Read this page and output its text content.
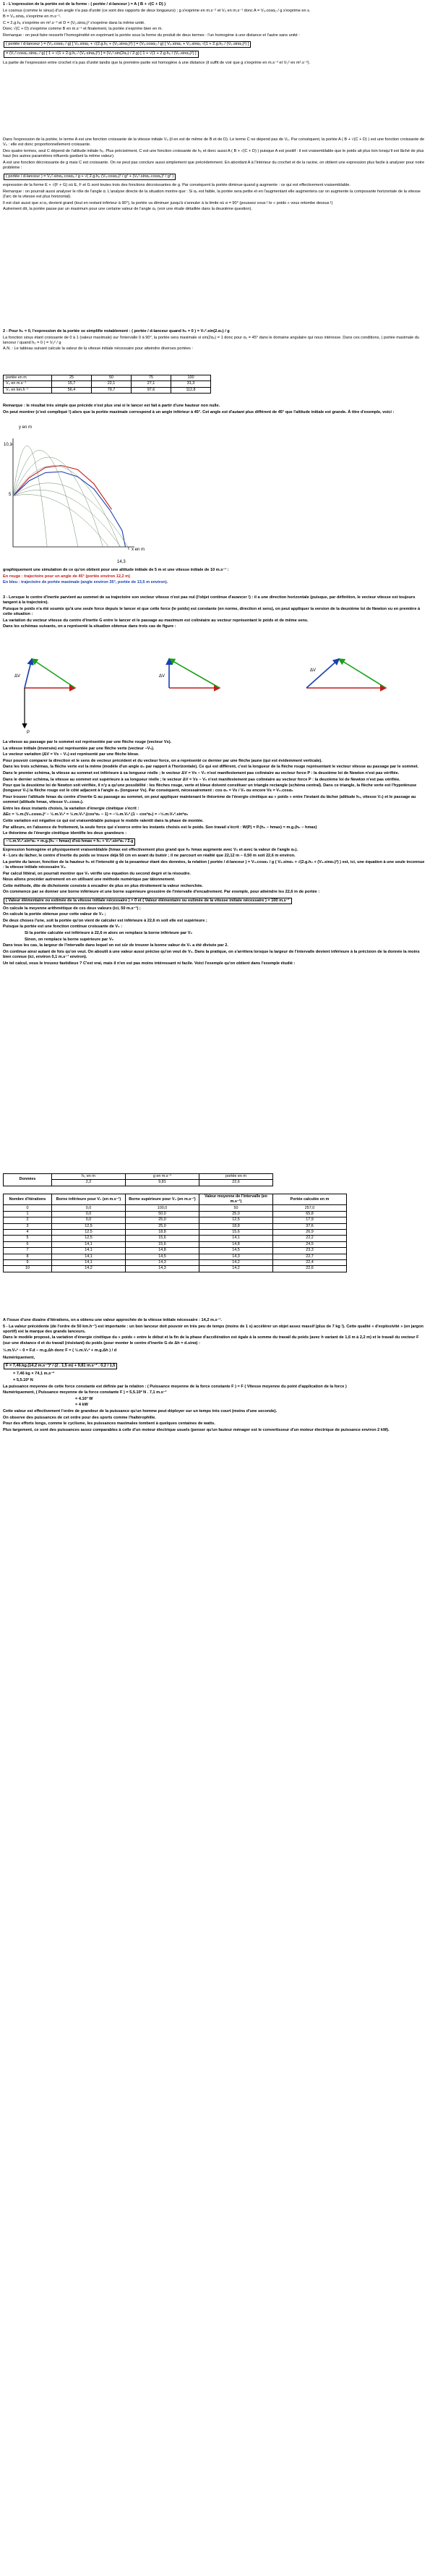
1 - L'expression de la portée est de la forme : ( portée / d-lanceur ) = A ( B + √(C + D) )

Le cosinus (comme le sinus) d'un angle n'a pas d'unité (ce sont des rapports de deux longueurs) ; g s'exprime en m.s⁻² et V₀ en m.s⁻¹ donc A = V₀.cosα₀ / g s'exprime en s.

B = V₀.sinα₀ s'exprime en m.s⁻¹.

C = 2.g.h₀ s'exprime en m².s⁻² et D = (V₀.sinα₀)² s'exprime dans la même unité.

Donc √(C + D) s'exprime comme B en m.s⁻¹ et finalement, la portée s'exprime bien en m.

Remarque : on peut faire ressortir l'homogénéité en exprimant la portée sous la forme du produit de deux termes : l'un homogène à une distance et l'autre sans unité :

( portée / d-lanceur ) = (V₀.cosα₀ / g) [ V₀.sinα₀ + √(2.g.h₀ + (V₀.sinα₀)²) ] = (V₀.cosα₀ / g) [ V₀.sinα₀ + V₀.sinα₀ √(1 + 2.g.h₀ / (V₀.sinα₀)²) ]

= (V₀².cosα₀.sinα₀ / g) [ 1 + √(1 + 2.g.h₀ / (V₀.sinα₀)²) ] = (V₀².sin(2α₀) / 2.g) [ 1 + √(1 + 2.g.h₀ / (V₀.sinα₀)²) ]

La partie de l'expression entre crochet n'a pas d'unité tandis que la première partie est homogène à une distance (il suffit de voir que g s'exprime en m.s⁻² et V₀² en m².s⁻²).

Dans l'expression de la portée, le terme A est une fonction croissante de la vitesse initiale V₀ (il en est de même de B et de D). Le terme C ne dépend pas de V₀. Par conséquent, la portée A ( B + √(C + D) ) est une fonction croissante de V₀ : elle est donc proportionnellement croissante.

Des quatre termes, seul C dépend de l'altitude initiale h₀. Plus précisément, C est une fonction croissante de h₀ et donc aussi A ( B + √(C + D) ) puisque A est positif : il est vraisemblable que le poids ait plus loin lorsqu'il est lâché de plus haut (les autres paramètres influents gardant la même valeur).

A est une fonction décroissante de g mais C est croissante. On ne peut pas conclure aussi simplement que précédemment. En abordant A à l'intérieur du crochet et de la racine, on obtient une expression plus facile à analyser pour notre problème :

( portée / d-lanceur ) = V₀².sinα₀.cosα₀ / g + √( 2.g.h₀ (V₀.cosα₀)² / g² + (V₀².sinα₀.cosα₀)² / g² )

expression de la forme E + √(F + G) où E, F et G sont toutes trois des fonctions décroissantes de g. Par conséquent la portée diminue quand g augmente : ce qui est effectivement vraisemblable.

Remarque : on pourrait aussi analyser le rôle de l'angle α. L'analyse directe de la situation montre que : Si α₀ est faible, la portée sera petite et en l'augmentant elle augmentera car on augmente la composante horizontale de la vitesse (l'arc de la vitesse est plus horizontal).

Il est clair aussi que si α₀ devient grand (tout en restant inférieur à 90°), la portée va diminuer jusqu'à s'annuler à la limite où α = 90° (poussez vous ! le « poids » vous retombe dessus !)

Autrement dit, la portée passe par un maximum pour une certaine valeur de l'angle α₀ (voir une étude détaillée dans la deuxième question).

2 - Pour h₀ = 0, l'expression de la portée se simplifie notablement : ( portée / d-lanceur quand h₀ = 0 ) = V₀².sin(2.α₀) / g

La fonction sinus étant croissante de 0 à 1 (valeur maximale) sur l'intervalle 0 à 90°, la portée sera maximale si sin(2α₀) = 1 donc pour α₀ = 45° dans le domaine angulaire qui nous intéresse. Dans ces conditions, ( portée maximale du lanceur / quand h₀ = 0 ) = V₀² / g

A.N. : Le tableau suivant calcule la valeur de la vitesse initiale nécessaire pour atteindre diverses portées :

portée en m	25	50	75	100
V₀ en m.s⁻¹	15,7	22,1	27,1	31,3
V₀ en km.h⁻¹	56,4	79,7	97,6	112,8

Remarque : le résultat très simple que précède n'est plus vrai si le lancer est fait à partir d'une hauteur non nulle.

On peut montrer (c'est compliqué !) alors que la portée maximale correspond à un angle inférieur à 45°. Cet angle est d'autant plus différent de 45° que l'altitude initiale est grande. À titre d'exemple, voici :

y en m
10,1
5
x en m
14,3

graphiquement une simulation de ce qu'on obtient pour une altitude initiale de 5 m et une vitesse initiale de 10 m.s⁻¹ :

En rouge : trajectoire pour un angle de 45° (portée environ 12,2 m)

En bleu : trajectoire de portée maximale (angle environ 35°, portée de 13,5 m environ).

3 - Lorsque le centre d'inertie parvient au sommet de sa trajectoire son vecteur vitesse n'est pas nul (l'objet continue d'avancer !) : il a une direction horizontale (puisque, par définition, le vecteur vitesse est toujours tangent à la trajectoire).

Puisque le poids n'a été soumis qu'à une seule force depuis le lancer et que cette force (le poids) est constante (en norme, direction et sens), on peut appliquer la version de la deuxième loi de Newton vu en première à cette situation :

La variation du vecteur vitesse du centre d'inertie G entre le lancer et le passage au maximum est colinéaire au vecteur représentant le poids et de même sens.

Dans les schémas suivants, on a représenté la situation obtenue dans trois cas de figure :

ΔV
P
ΔV
ΔV

La vitesse au passage par le sommet est représentée par une flèche rouge (vecteur Vs).

La vitesse initiale (inversée) est représentée par une flèche verte (vecteur −V₀).

Le vecteur variation (ΔV = Vs − V₀) est représenté par une flèche bleue.

Pour pouvoir comparer la direction et le sens de vecteur précédent et du vecteur force, on a représenté ce dernier par une flèche jaune (qui est évidemment verticale).

Dans les trois schémas, la flèche verte est la même (modèle d'un angle α₀ par rapport à l'horizontale). Ce qui est différent, c'est la longueur de la flèche rouge représentant le vecteur vitesse au passage par le sommet.

Dans le premier schéma, la vitesse au sommet est inférieure à sa longueur réelle ; le vecteur ΔV = Vs − V₀ n'est manifestement pas colinéaire au vecteur force P : la deuxième loi de Newton n'est pas vérifiée.

Dans le dernier schéma, la vitesse au sommet est supérieure à sa longueur réelle ; le vecteur ΔV = Vs − V₀ n'est manifestement pas colinéaire au vecteur force P : la deuxième loi de Newton n'est pas vérifiée.

Pour que la deuxième loi de Newton soit vérifiée, il n'y a qu'une possibilité : les flèches rouge, verte et bleue doivent constituer un triangle rectangle (schéma central). Dans ce triangle, la flèche verte est l'hypoténuse (longueur V₀) la flèche rouge est le côté adjacent à l'angle α₀ (longueur Vs). Par conséquent, nécessairement : cos α₀ = Vs / V₀ ou encore Vs = V₀.cosα₀

Pour trouver l'altitude hmax du centre d'inertie G au passage au sommet, on peut appliquer maintenant le théorème de l'énergie cinétique au « poids » entre l'instant du lâcher (altitude h₀, vitesse V₀) et le passage au sommet (altitude hmax, vitesse V₀.cosα₀).

Entre les deux instants choisis, la variation d'énergie cinétique s'écrit :

ΔEc = ½.m.(V₀.cosα₀)² − ½.m.V₀² = ½.m.V₀².(cos²α₀ − 1) = −½.m.V₀².(1 − cos²α₀) = −½.m.V₀².sin²α₀

Cette variation est négative ce qui est vraisemblable puisque le mobile ralentit dans la phase de montée.

Par ailleurs, en l'absence de frottement, la seule force qui s'exerce entre les instants choisis est le poids. Son travail s'écrit : W(P) = P.(h₀ − hmax) = m.g.(h₀ − hmax)

Le théorème de l'énergie cinétique identifie les deux grandeurs :

−½.m.V₀².sin²α₀ = m.g.(h₀ − hmax) d'où hmax = h₀ + V₀².sin²α₀ / 2.g

Expression homogène et physiquement vraisemblable (hmax est effectivement plus grand que h₀ hmax augmente avec V₀ et avec la valeur de l'angle α₀).

4 - Lors du lâcher, le centre d'inertie du poids se trouve déjà 50 cm en avant du butoir ; il ne parcourt en réalité que 22,12 m − 0,50 m soit 22,6 m environ.

La portée du lancer, fonction de la hauteur h₀ et l'intensité g de la pesanteur étant des données, la relation ( portée / d-lanceur ) = V₀.cosα₀ / g ( V₀.sinα₀ + √(2.g.h₀ + (V₀.sinα₀)²) ) est, ici, une équation à une seule inconnue : la vitesse initiale nécessaire V₀.

Par calcul littéral, on pourrait montrer que V₀ vérifie une équation du second degré et la résoudre.

Nous allons procéder autrement en en utilisant une méthode numérique par tâtonnement.

Cette méthode, dite de dichotomie consiste à encadrer de plus en plus étroitement la valeur recherchée.

On commence par se donner une borne inférieure et une borne supérieure grossière de l'intervalle d'encadrement. Par exemple, pour atteindre les 22,6 m de portée :

( Valeur élémentaire ou estimée de la vitesse initiale nécessaire ) = 0 et ( Valeur élémentaire ou estimée de la vitesse initiale nécessaire ) = 100 m.s⁻¹

On calcule la moyenne arithmétique de ces deux valeurs (ici, 50 m.s⁻¹) ;

On calcule la portée obtenue pour cette valeur de V₀ ;

De deux choses l'une, soit la portée qu'on vient de calculer est inférieure à 22,6 m soit elle est supérieure ;

Puisque la portée est une fonction continue croissante de V₀ :

Si la portée calculée est inférieure à 22,6 m alors on remplace la borne inférieure par V₀

Sinon, on remplace la borne supérieure par V₀

Dans tous les cas, la largeur de l'intervalle dans lequel on est sûr de trouver la bonne valeur de V₀ a été divisée par 2.

On continue ainsi autant de fois qu'on veut. On aboutit à une valeur aussi précise qu'on veut de V₀. Dans la pratique, on s'arrêtera lorsque la largeur de l'intervalle devient inférieure à la précision de la donnée la moins bien connue (ici, environ 0,1 m.s⁻¹ environ).

Un tel calcul, vous le trouvez fastidieux ? C'est vrai, mais il n'en est pas moins intéressant ni facile. Voici l'exemple qu'on obtient dans l'exemple étudié :

Données	h₀ en m	g en m.s⁻²	portée en m
	2,2	9,81	22,6
Nombre d'itérations	Borne inférieure pour V₀ (en m.s⁻¹)	Borne supérieure pour V₀ (en m.s⁻¹)	Valeur moyenne de l'intervalle (en m.s⁻¹)	Portée calculée en m
0	0,0	100,0	50	257,0
1	0,0	50,0	25,0	65,8
2	0,0	25,0	12,5	17,9
3	12,5	25,0	18,8	37,6
4	12,5	18,8	15,6	26,9
5	12,5	15,6	14,1	22,2
6	14,1	15,6	14,8	24,5
7	14,1	14,8	14,5	23,3
8	14,1	14,5	14,3	22,7
9	14,1	14,3	14,2	22,4
10	14,2	14,3	14,2	22,6

A l'issue d'une dizaine d'itérations, on a obtenu une valeur approchée de la vitesse initiale nécessaire : 14,2 m.s⁻¹.

5 - La valeur précédente (de l'ordre de 50 km.h⁻¹) est importante : un bon lanceur doit pouvoir en très peu de temps (moins de 1 s) accélérer un objet assez massif (plus de 7 kg !). Cette qualité « d'explosivité » (en jargon sportif) est la marque des grands lanceurs.

Dans le modèle proposé, la variation d'énergie cinétique du « poids » entre le début et la fin de la phase d'accélération est égale à la somme du travail du poids (avec h variant de 1,6 m à 2,2 m) et le travail du vecteur F (sur une distance d et du travail (résistant) du poids (pour monter le centre d'inertie G de Δh = d.sinα) :

½.m.V₀² − 0 = F.d − m.g.Δh donc F = ( ½.m.V₀² + m.g.Δh ) / d

Numériquement,

F = 7,46.kg.(14,2 m.s⁻¹)² / (2 . 1,5 m) + 9,81 m.s⁻² . 0,2 / 1,5

= 7,46 kg × 74,1 m.s⁻²

= 5,5.10² N

La puissance moyenne de cette force constante est définie par la relation : ( Puissance moyenne de la force constante F ) = F ( Vitesse moyenne du point d'application de la force )

Numériquement, ( Puissance moyenne de la force constante F ) = 5,5.10² N . 7,1 m.s⁻¹

= 4.10³ W

= 4 kW

Cette valeur est effectivement l'ordre de grandeur de la puissance qu'un homme peut déployer sur un temps très court (moins d'une seconde).

On observe des puissances de cet ordre pour des sports comme l'haltérophilie.

Pour des efforts longs, comme le cyclisme, les puissances maximales tombent à quelques centaines de watts.

Plus largement, ce sont des puissances assez comparables à celle d'un moteur électrique usuels (penser qu'un fauteur ménager est le convertisseur d'un moteur électrique de puissance environ 2 kW).
